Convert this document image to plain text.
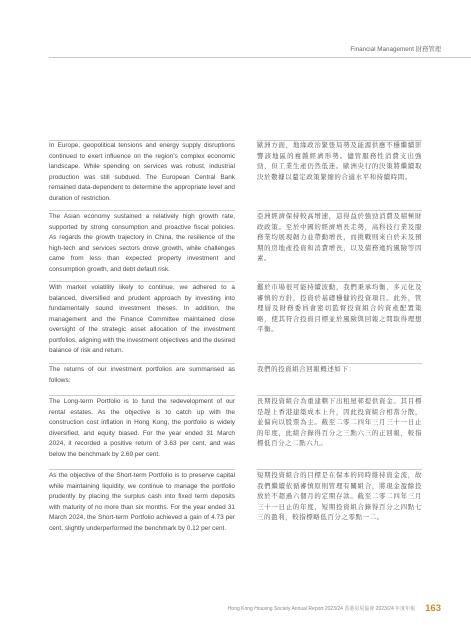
Financial Management 財務管理
In Europe, geopolitical tensions and energy supply disruptions continued to exert influence on the region’s complex economic landscape. While spending on services was robust, industrial production was still subdued. The European Central Bank remained data-dependent to determine the appropriate level and duration of restriction.
歐洲方面，地緣政治緊張局勢及能源供應不穩繼續影響該地區的複雜經濟形勢。儘管服務性消費支出強勁，但工業生產仍然低迷。歐洲央行的決策將繼續取決於數據以釐定政策緊縮的合適水平和持續時間。
The Asian economy sustained a relatively high growth rate, supported by strong consumption and proactive fiscal policies. As regards the growth trajectory in China, the resilience of the high-tech and services sectors drove growth, while challenges came from less than expected property investment and consumption growth, and debt default risk.
亞洲經濟保持較高增速，這得益於強勁消費及積極財政政策。至於中國的經濟增長走勢，高科技行業及服務業均展現韌力並帶動增長，而挑戰則來自於未及預期的房地產投資和消費增長，以及債務違約風險等因素。
With market volatility likely to continue, we adhered to a balanced, diversified and prudent approach by investing into fundamentally sound investment theses. In addition, the management and the Finance Committee maintained close oversight of the strategic asset allocation of the investment portfolios, aligning with the investment objectives and the desired balance of risk and return.
鑑於市場很可能持續波動，我們秉承均衡、多元化及審慎的方針，投資於基礎穩健的投資項目。此外，管理層及財務委員會密切監督投資組合的資產配置策略，使其符合投資目標並於風險與回報之間取得理想平衡。
The returns of our investment portfolios are summarised as follows:
我們的投資組合回報概述如下：
The Long-term Portfolio is to fund the redevelopment of our rental estates. As the objective is to catch up with the construction cost inflation in Hong Kong, the portfolio is widely diversified, and equity biased. For the year ended 31 March 2024, it recorded a positive return of 3.63 per cent, and was below the benchmark by 2.69 per cent.
長期投資組合為重建轄下出租屋邨提供資金。其目標是趕上香港建築成本上升，因此投資組合相當分散，並偏向以股票為主。截至二零二四年三月三十一日止的年度，此組合錄得百分之三點六三的正回報，較指標低百分之二點六九。
As the objective of the Short-term Portfolio is to preserve capital while maintaining liquidity, we continue to manage the portfolio prudently by placing the surplus cash into fixed term deposits with maturity of no more than six months. For the year ended 31 March 2024, the Short-term Portfolio achieved a gain of 4.73 per cent, slightly underperformed the benchmark by 0.12 per cent.
短期投資組合的目標是在保本的同時維持資金流，故我們繼續依循審慎原則管理有關組合，將現金盈餘投放於不超過六個月的定期存款。截至二零二四年三月三十一日止的年度，短期投資組合錄得百分之四點七三的盈利，較指標略低百分之零點一二。
Hong Kong Housing Society Annual Report 2023/24 香港房屋協會 2023/24 年度年報 163
